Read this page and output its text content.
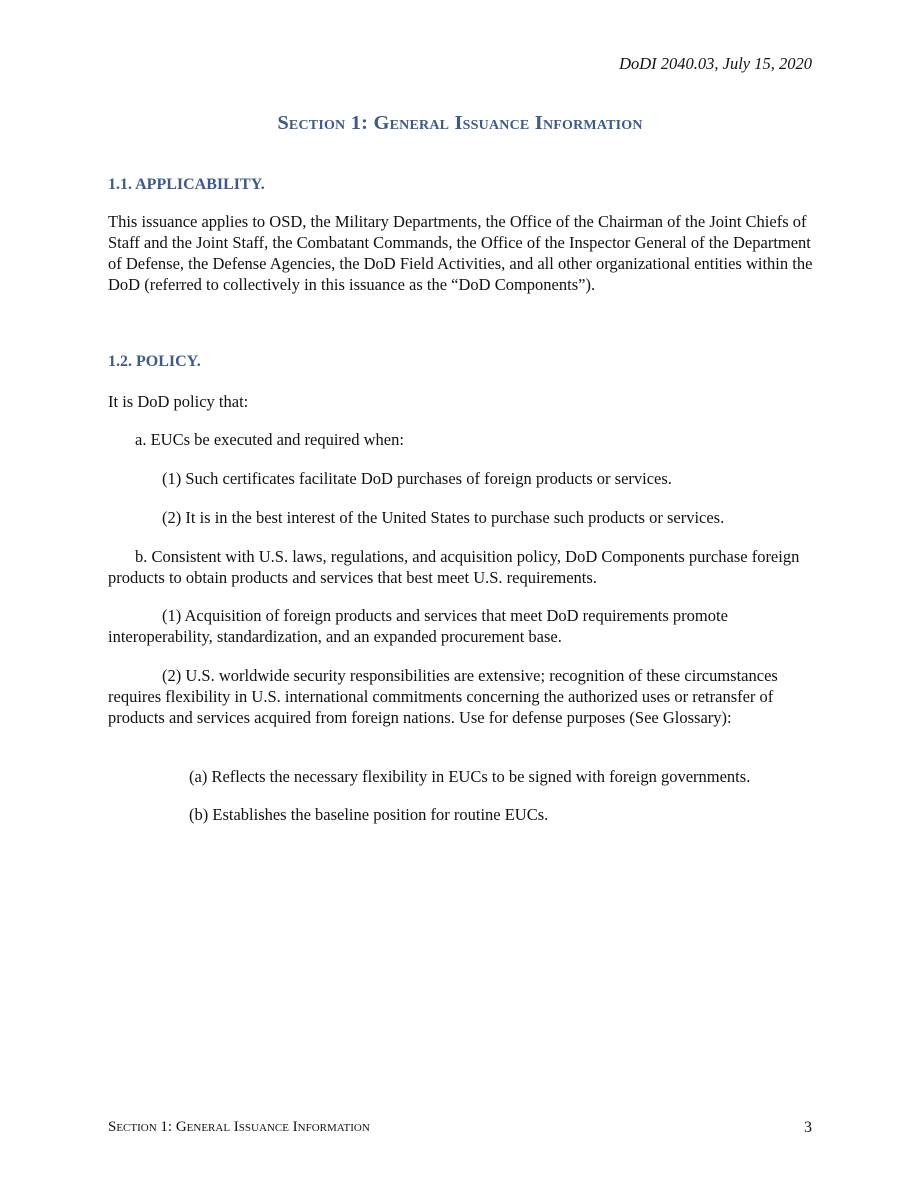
DoDI 2040.03, July 15, 2020
Section 1: General Issuance Information
1.1. APPLICABILITY.
This issuance applies to OSD, the Military Departments, the Office of the Chairman of the Joint Chiefs of Staff and the Joint Staff, the Combatant Commands, the Office of the Inspector General of the Department of Defense, the Defense Agencies, the DoD Field Activities, and all other organizational entities within the DoD (referred to collectively in this issuance as the “DoD Components”).
1.2. POLICY.
It is DoD policy that:
a. EUCs be executed and required when:
(1) Such certificates facilitate DoD purchases of foreign products or services.
(2) It is in the best interest of the United States to purchase such products or services.
b. Consistent with U.S. laws, regulations, and acquisition policy, DoD Components purchase foreign products to obtain products and services that best meet U.S. requirements.
(1) Acquisition of foreign products and services that meet DoD requirements promote interoperability, standardization, and an expanded procurement base.
(2) U.S. worldwide security responsibilities are extensive; recognition of these circumstances requires flexibility in U.S. international commitments concerning the authorized uses or retransfer of products and services acquired from foreign nations. Use for defense purposes (See Glossary):
(a) Reflects the necessary flexibility in EUCs to be signed with foreign governments.
(b) Establishes the baseline position for routine EUCs.
Section 1: General Issuance Information	3
